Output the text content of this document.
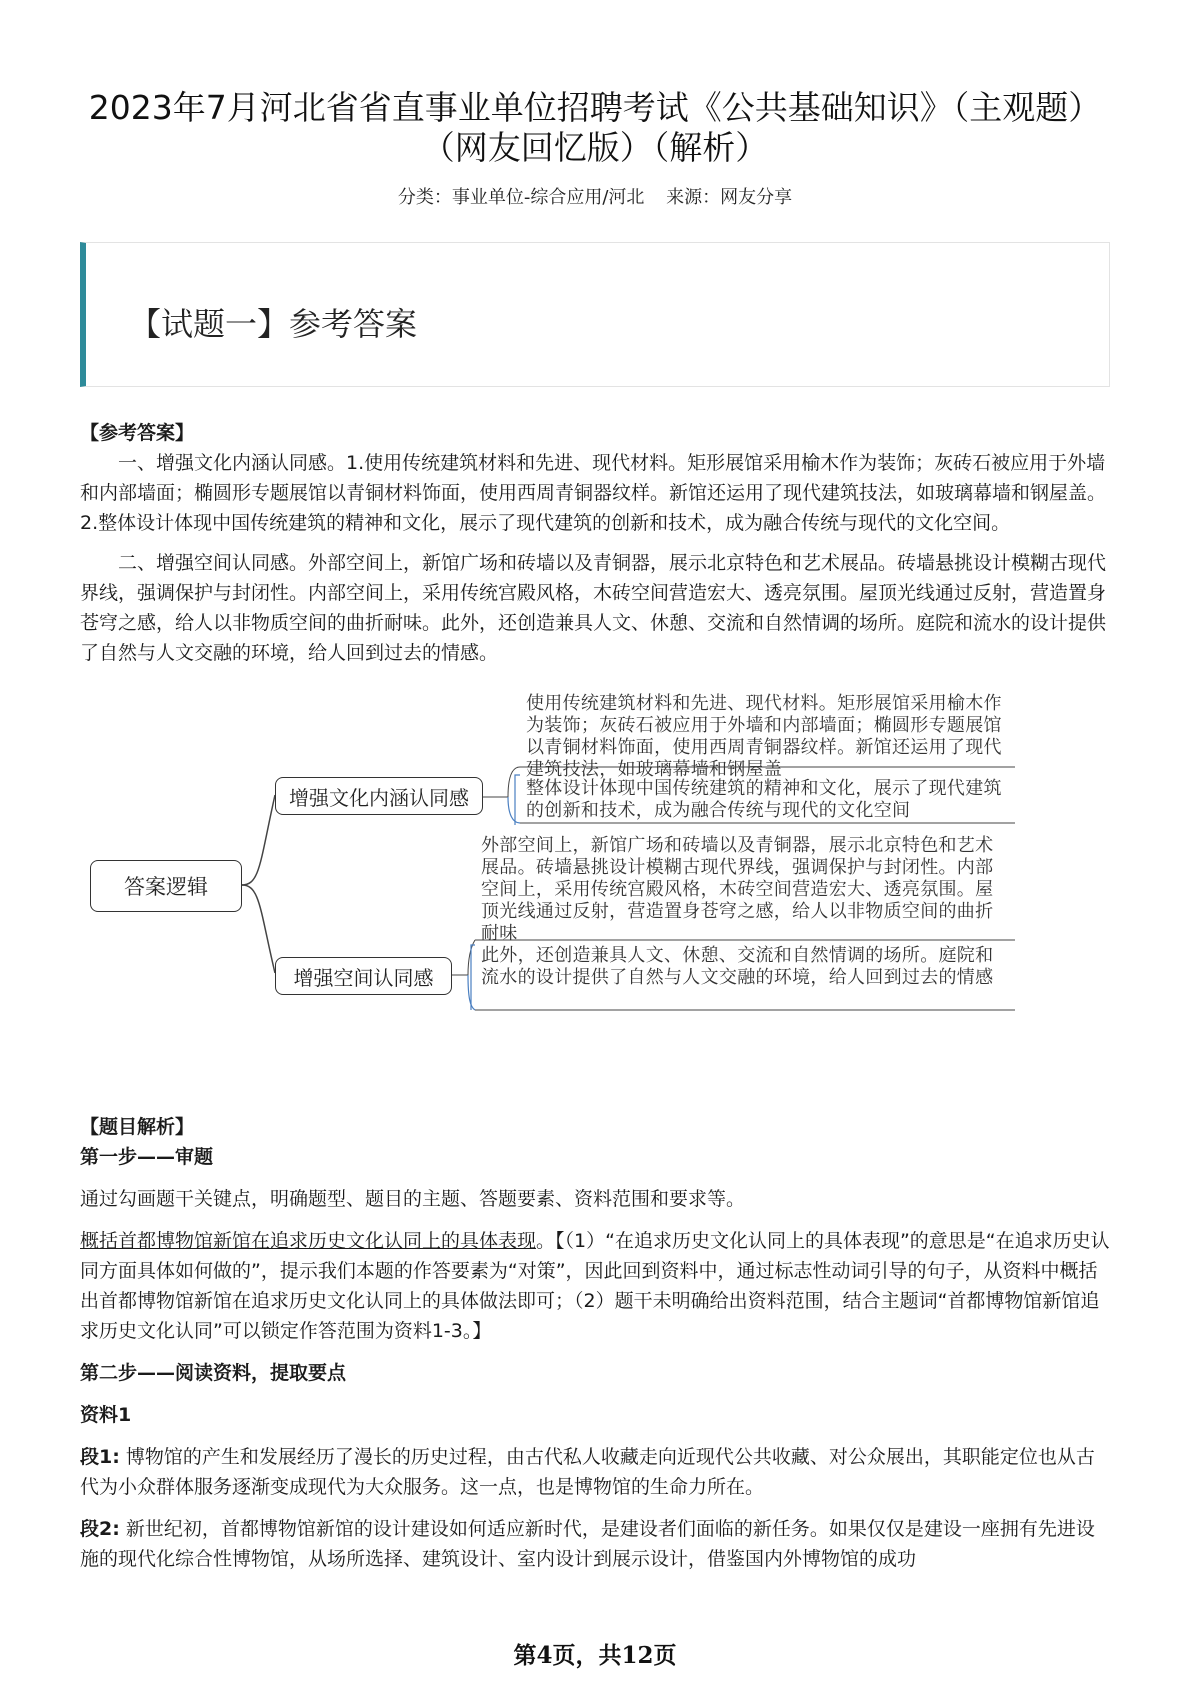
2023年7月河北省省直事业单位招聘考试《公共基础知识》（主观题）（网友回忆版）（解析）
分类：事业单位-综合应用/河北 来源：网友分享
【试题一】参考答案

【参考答案】

一、增强文化内涵认同感。1.使用传统建筑材料和先进、现代材料。矩形展馆采用榆木作为装饰；灰砖石被应用于外墙和内部墙面；椭圆形专题展馆以青铜材料饰面，使用西周青铜器纹样。新馆还运用了现代建筑技法，如玻璃幕墙和钢屋盖。2.整体设计体现中国传统建筑的精神和文化，展示了现代建筑的创新和技术，成为融合传统与现代的文化空间。

二、增强空间认同感。外部空间上，新馆广场和砖墙以及青铜器，展示北京特色和艺术展品。砖墙悬挑设计模糊古现代界线，强调保护与封闭性。内部空间上，采用传统宫殿风格，木砖空间营造宏大、透亮氛围。屋顶光线通过反射，营造置身苍穹之感，给人以非物质空间的曲折耐味。此外，还创造兼具人文、休憩、交流和自然情调的场所。庭院和流水的设计提供了自然与人文交融的环境，给人回到过去的情感。

答案逻辑
增强文化内涵认同感
增强空间认同感
使用传统建筑材料和先进、现代材料。矩形展馆采用榆木作为装饰；灰砖石被应用于外墙和内部墙面；椭圆形专题展馆以青铜材料饰面，使用西周青铜器纹样。新馆还运用了现代建筑技法，如玻璃幕墙和钢屋盖
整体设计体现中国传统建筑的精神和文化，展示了现代建筑的创新和技术，成为融合传统与现代的文化空间
外部空间上，新馆广场和砖墙以及青铜器，展示北京特色和艺术展品。砖墙悬挑设计模糊古现代界线，强调保护与封闭性。内部空间上，采用传统宫殿风格，木砖空间营造宏大、透亮氛围。屋顶光线通过反射，营造置身苍穹之感，给人以非物质空间的曲折耐味
此外，还创造兼具人文、休憩、交流和自然情调的场所。庭院和流水的设计提供了自然与人文交融的环境，给人回到过去的情感

【题目解析】

第一步——审题

通过勾画题干关键点，明确题型、题目的主题、答题要素、资料范围和要求等。

概括首都博物馆新馆在追求历史文化认同上的具体表现。【（1）“在追求历史文化认同上的具体表现”的意思是“在追求历史认同方面具体如何做的”，提示我们本题的作答要素为“对策”，因此回到资料中，通过标志性动词引导的句子，从资料中概括出首都博物馆新馆在追求历史文化认同上的具体做法即可；（2）题干未明确给出资料范围，结合主题词“首都博物馆新馆追求历史文化认同”可以锁定作答范围为资料1-3。】

第二步——阅读资料，提取要点

资料1

段1: 博物馆的产生和发展经历了漫长的历史过程，由古代私人收藏走向近现代公共收藏、对公众展出，其职能定位也从古代为小众群体服务逐渐变成现代为大众服务。这一点，也是博物馆的生命力所在。

段2: 新世纪初，首都博物馆新馆的设计建设如何适应新时代，是建设者们面临的新任务。如果仅仅是建设一座拥有先进设施的现代化综合性博物馆，从场所选择、建筑设计、室内设计到展示设计，借鉴国内外博物馆的成功

第4页，共12页
